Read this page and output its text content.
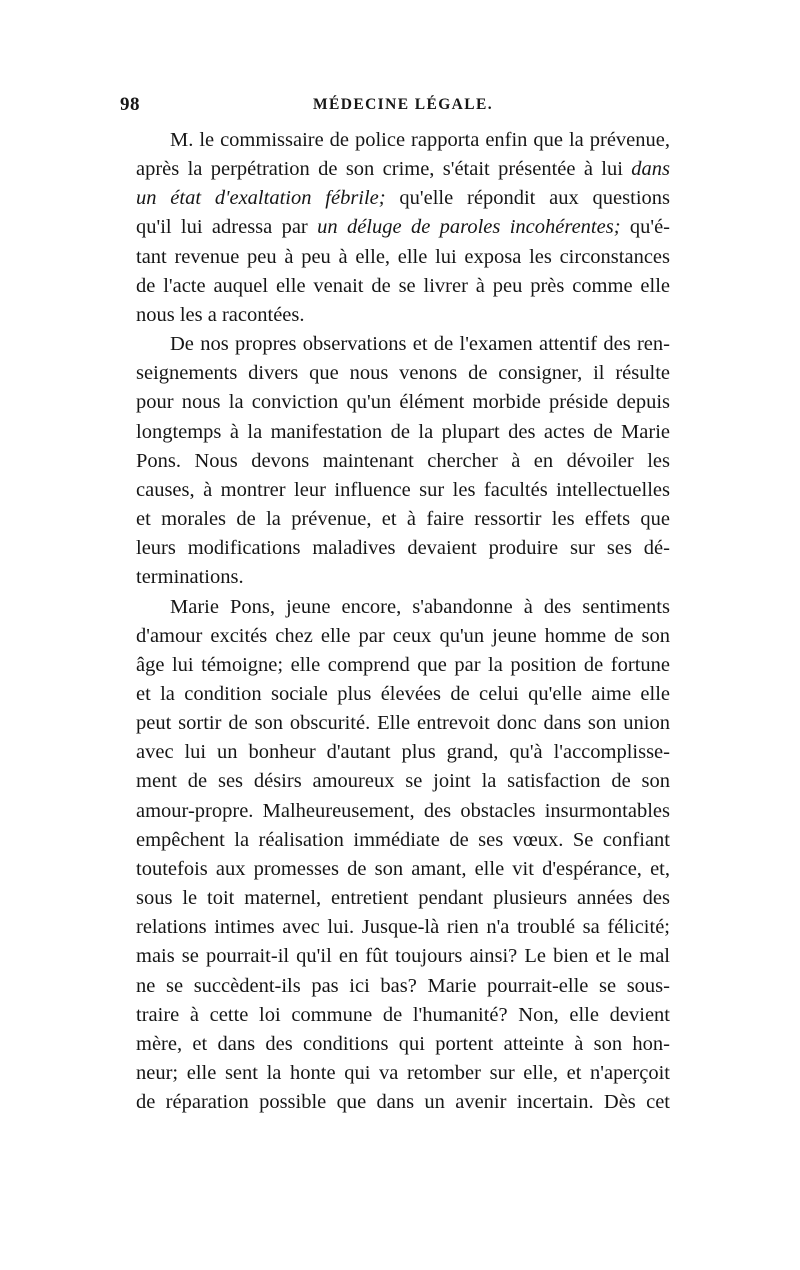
98	MÉDECINE LÉGALE.

M. le commissaire de police rapporta enfin que la prévenue,
après la perpétration de son crime, s'était présentée à lui dans
un état d'exaltation fébrile; qu'elle répondit aux questions
qu'il lui adressa par un déluge de paroles incohérentes; qu'é-
tant revenue peu à peu à elle, elle lui exposa les circonstances
de l'acte auquel elle venait de se livrer à peu près comme elle
nous les a racontées.

De nos propres observations et de l'examen attentif des ren-
seignements divers que nous venons de consigner, il résulte
pour nous la conviction qu'un élément morbide préside depuis
longtemps à la manifestation de la plupart des actes de Marie
Pons. Nous devons maintenant chercher à en dévoiler les
causes, à montrer leur influence sur les facultés intellectuelles
et morales de la prévenue, et à faire ressortir les effets que
leurs modifications maladives devaient produire sur ses dé-
terminations.

Marie Pons, jeune encore, s'abandonne à des sentiments
d'amour excités chez elle par ceux qu'un jeune homme de son
âge lui témoigne; elle comprend que par la position de fortune
et la condition sociale plus élevées de celui qu'elle aime elle
peut sortir de son obscurité. Elle entrevoit donc dans son union
avec lui un bonheur d'autant plus grand, qu'à l'accomplisse-
ment de ses désirs amoureux se joint la satisfaction de son
amour-propre. Malheureusement, des obstacles insurmontables
empêchent la réalisation immédiate de ses vœux. Se confiant
toutefois aux promesses de son amant, elle vit d'espérance, et,
sous le toit maternel, entretient pendant plusieurs années des
relations intimes avec lui. Jusque-là rien n'a troublé sa félicité;
mais se pourrait-il qu'il en fût toujours ainsi? Le bien et le mal
ne se succèdent-ils pas ici bas? Marie pourrait-elle se sous-
traire à cette loi commune de l'humanité? Non, elle devient
mère, et dans des conditions qui portent atteinte à son hon-
neur; elle sent la honte qui va retomber sur elle, et n'aperçoit
de réparation possible que dans un avenir incertain. Dès cet
